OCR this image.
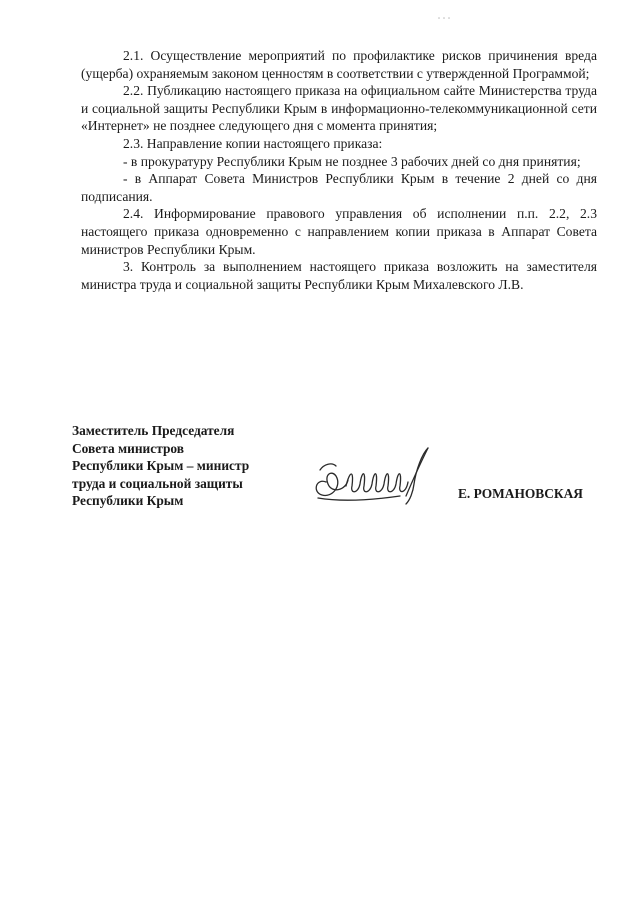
2.1. Осуществление мероприятий по профилактике рисков причинения вреда (ущерба) охраняемым законом ценностям в соответствии с утвержденной Программой;

2.2. Публикацию настоящего приказа на официальном сайте Министерства труда и социальной защиты Республики Крым в информационно-телекоммуникационной сети «Интернет» не позднее следующего дня с момента принятия;

2.3. Направление копии настоящего приказа:

- в прокуратуру Республики Крым не позднее 3 рабочих дней со дня принятия;

- в Аппарат Совета Министров Республики Крым в течение 2 дней со дня подписания.

2.4. Информирование правового управления об исполнении п.п. 2.2, 2.3 настоящего приказа одновременно с направлением копии приказа в Аппарат Совета министров Республики Крым.

3. Контроль за выполнением настоящего приказа возложить на заместителя министра труда и социальной защиты Республики Крым Михалевского Л.В.

Заместитель Председателя
Совета министров
Республики Крым – министр
труда и социальной защиты
Республики Крым	Е. РОМАНОВСКАЯ
